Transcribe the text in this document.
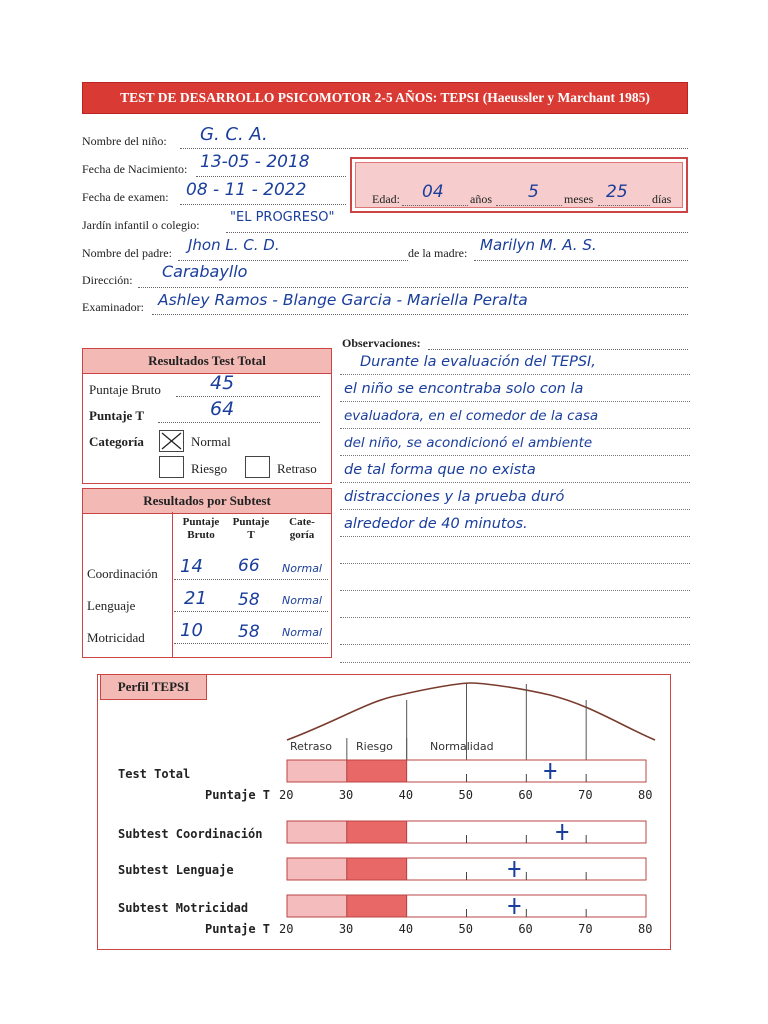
TEST DE DESARROLLO PSICOMOTOR 2-5 AÑOS: TEPSI (Haeussler y Marchant 1985)
Nombre del niño: G. C. A.
Fecha de Nacimiento: 13-05 - 2018
Fecha de examen: 08 - 11 - 2022	Edad: 04 años 5 meses 25 días
Jardín infantil o colegio: "EL PROGRESO"
Nombre del padre: Jhon L. C. D.	de la madre: Marilyn M. A. S.
Dirección: Carabayllo
Examinador: Ashley Ramos - Blange Garcia - Mariella Peralta
Resultados Test Total
Puntaje Bruto	45
Puntaje T	64
Categoría	Normal
Riesgo	Retraso
Resultados por Subtest
Puntaje Bruto
Puntaje T
Cate- goría
Coordinación 14 66 Normal
Lenguaje	21 58 Normal
Motricidad 10 58 Normal
Observaciones:
Durante la evaluación del TEPSI,
el niño se encontraba solo con la
evaluadora, en el comedor de la casa
del niño, se acondicionó el ambiente
de tal forma que no exista
distracciones y la prueba duró
alrededor de 40 minutos.
Perfil TEPSI
Retraso Riesgo	Normalidad
Test Total
Subtest Coordinación
Subtest Lenguaje
Subtest Motricidad
Puntaje T
Puntaje T
20	30	40	50	60	70	80
20	30	40	50	60	70	80
